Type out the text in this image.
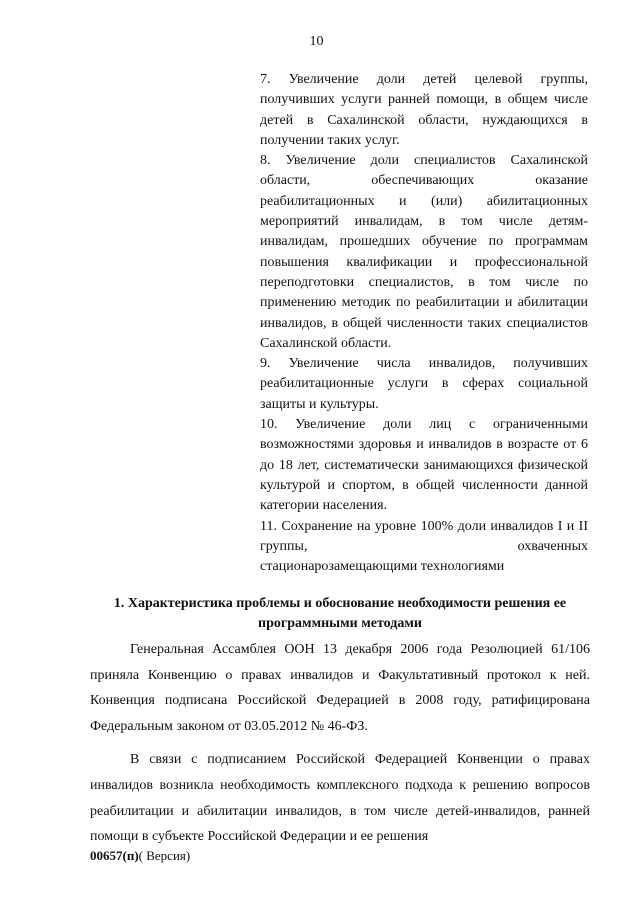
10

7. Увеличение доли детей целевой группы, получивших услуги ранней помощи, в общем числе детей в Сахалинской области, нуждающихся в получении таких услуг.

8. Увеличение доли специалистов Сахалинской области, обеспечивающих оказание реабилитационных и (или) абилитационных мероприятий инвалидам, в том числе детям-инвалидам, прошедших обучение по программам повышения квалификации и профессиональной переподготовки специалистов, в том числе по применению методик по реабилитации и абилитации инвалидов, в общей численности таких специалистов Сахалинской области.

9. Увеличение числа инвалидов, получивших реабилитационные услуги в сферах социальной защиты и культуры.

10. Увеличение доли лиц с ограниченными возможностями здоровья и инвалидов в возрасте от 6 до 18 лет, систематически занимающихся физической культурой и спортом, в общей численности данной категории населения.

11. Сохранение на уровне 100% доли инвалидов I и II группы, охваченных
стационарозамещающими технологиями

1. Характеристика проблемы и обоснование необходимости решения ее программными методами

Генеральная Ассамблея ООН 13 декабря 2006 года Резолюцией 61/106 приняла Конвенцию о правах инвалидов и Факультативный протокол к ней. Конвенция подписана Российской Федерацией в 2008 году, ратифицирована Федеральным законом от 03.05.2012 № 46-ФЗ.

В связи с подписанием Российской Федерацией Конвенции о правах инвалидов возникла необходимость комплексного подхода к решению вопросов реабилитации и абилитации инвалидов, в том числе детей-инвалидов, ранней помощи в субъекте Российской Федерации и ее решения

00657(п)( Версия)
